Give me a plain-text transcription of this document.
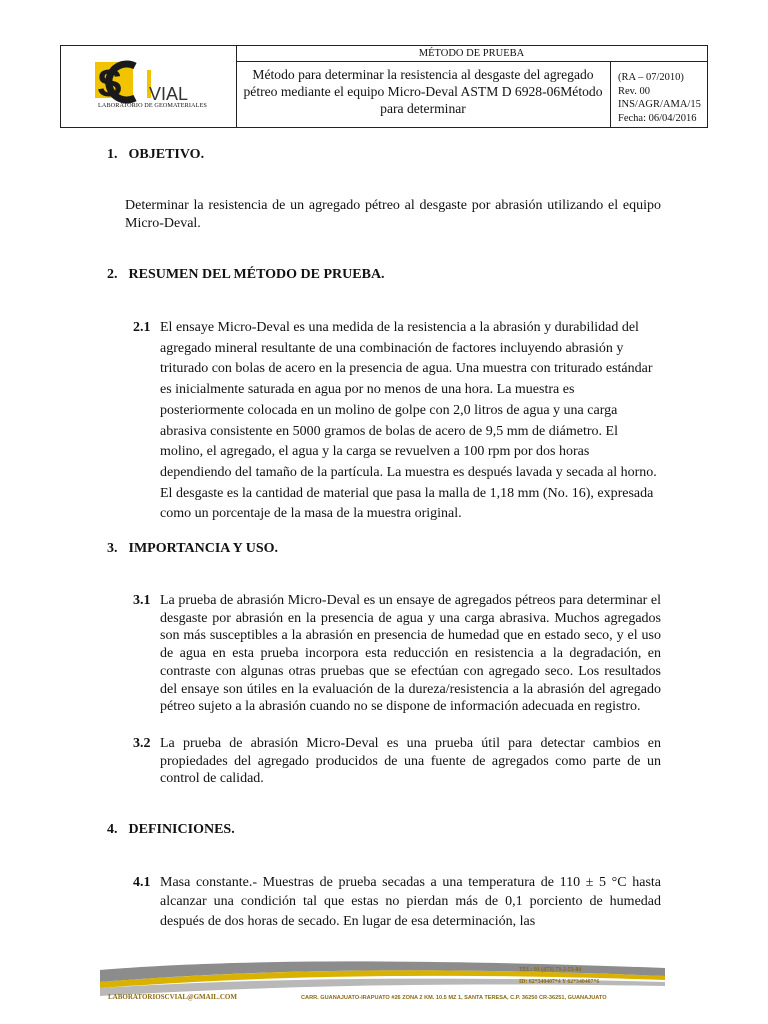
S VIAL
LABORATORIO DE GEOMATERIALES
MÉTODO DE PRUEBA
Método para determinar la resistencia al desgaste del agregado pétreo mediante el equipo Micro-Deval ASTM D 6928-06Método para determinar
(RA – 07/2010)
Rev. 00
INS/AGR/AMA/15
Fecha: 06/04/2016
1. OBJETIVO.
Determinar la resistencia de un agregado pétreo al desgaste por abrasión utilizando el equipo Micro-Deval.
2. RESUMEN DEL MÉTODO DE PRUEBA.
2.1 El ensaye Micro-Deval es una medida de la resistencia a la abrasión y durabilidad del agregado mineral resultante de una combinación de factores incluyendo abrasión y triturado con bolas de acero en la presencia de agua. Una muestra con triturado estándar es inicialmente saturada en agua por no menos de una hora. La muestra es posteriormente colocada en un molino de golpe con 2,0 litros de agua y una carga abrasiva consistente en 5000 gramos de bolas de acero de 9,5 mm de diámetro. El molino, el agregado, el agua y la carga se revuelven a 100 rpm por dos horas dependiendo del tamaño de la partícula. La muestra es después lavada y secada al horno. El desgaste es la cantidad de material que pasa la malla de 1,18 mm (No. 16), expresada como un porcentaje de la masa de la muestra original.
3. IMPORTANCIA Y USO.
3.1 La prueba de abrasión Micro-Deval es un ensaye de agregados pétreos para determinar el desgaste por abrasión en la presencia de agua y una carga abrasiva. Muchos agregados son más susceptibles a la abrasión en presencia de humedad que en estado seco, y el uso de agua en esta prueba incorpora esta reducción en resistencia a la degradación, en contraste con algunas otras pruebas que se efectúan con agregado seco. Los resultados del ensaye son útiles en la evaluación de la dureza/resistencia a la abrasión del agregado pétreo sujeto a la abrasión cuando no se dispone de información adecuada en registro.
3.2 La prueba de abrasión Micro-Deval es una prueba útil para detectar cambios en propiedades del agregado producidos de una fuente de agregados como parte de un control de calidad.
4. DEFINICIONES.
4.1 Masa constante.- Muestras de prueba secadas a una temperatura de 110 ± 5 °C hasta alcanzar una condición tal que estas no pierdan más de 0,1 porciento de humedad después de dos horas de secado. En lugar de esa determinación, las
TEL: 01 (473) 73-2-53-84
ID: 62*340407*4 Y 62*340407*6
LABORATORIOSCVIAL@GMAIL.COM	CARR. GUANAJUATO-IRAPUATO #26 ZONA 2 KM. 10.5 MZ 1, SANTA TERESA, C.P. 36250 CR-36251, GUANAJUATO
